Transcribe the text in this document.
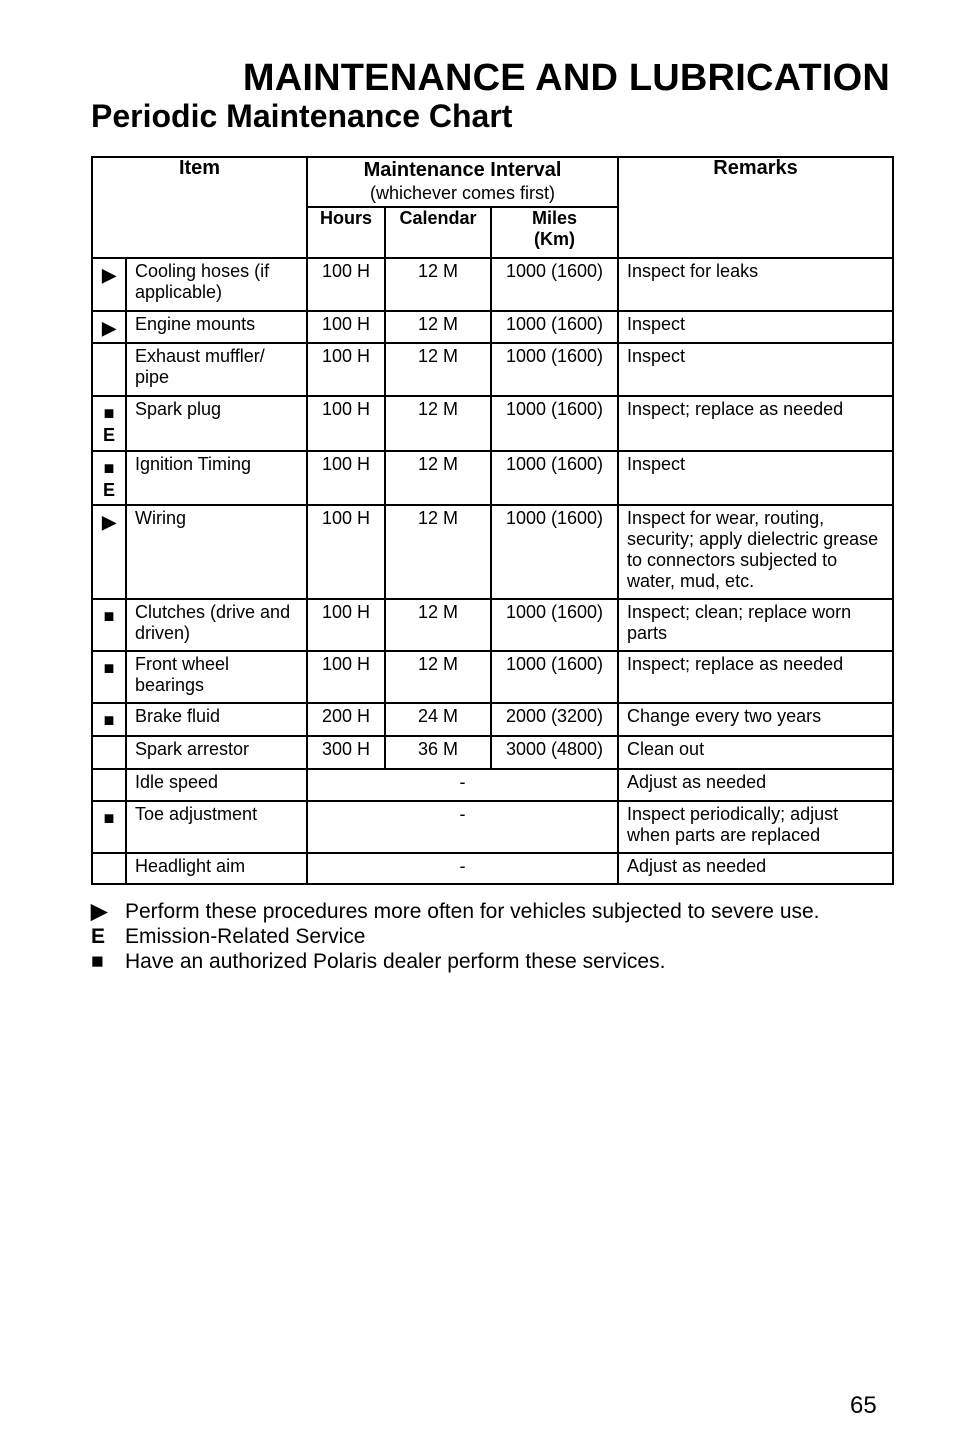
MAINTENANCE AND LUBRICATION
Periodic Maintenance Chart
Item		Maintenance Interval
(whichever comes first)			Remarks
		Hours	Calendar	Miles
(Km)	

▶	Cooling hoses (if applicable)	100 H	12 M	1000 (1600)	Inspect for leaks

▶	Engine mounts	100 H	12 M	1000 (1600)	Inspect

	Exhaust muffler/ pipe	100 H	12 M	1000 (1600)	Inspect

■
E	Spark plug	100 H	12 M	1000 (1600)	Inspect; replace as needed

■
E	Ignition Timing	100 H	12 M	1000 (1600)	Inspect

▶	Wiring	100 H	12 M	1000 (1600)	Inspect for wear, routing, security; apply dielectric grease to connectors subjected to water, mud, etc.

■	Clutches (drive and driven)	100 H	12 M	1000 (1600)	Inspect; clean; replace worn parts

■	Front wheel bearings	100 H	12 M	1000 (1600)	Inspect; replace as needed

■	Brake fluid	200 H	24 M	2000 (3200)	Change every two years

	Spark arrestor	300 H	36 M	3000 (4800)	Clean out

	Idle speed	-			Adjust as needed

■	Toe adjustment	-			Inspect periodically; adjust when parts are replaced

	Headlight aim	-			Adjust as needed
▶ Perform these procedures more often for vehicles subjected to severe use.
E Emission-Related Service
■	Have an authorized Polaris dealer perform these services.
65
